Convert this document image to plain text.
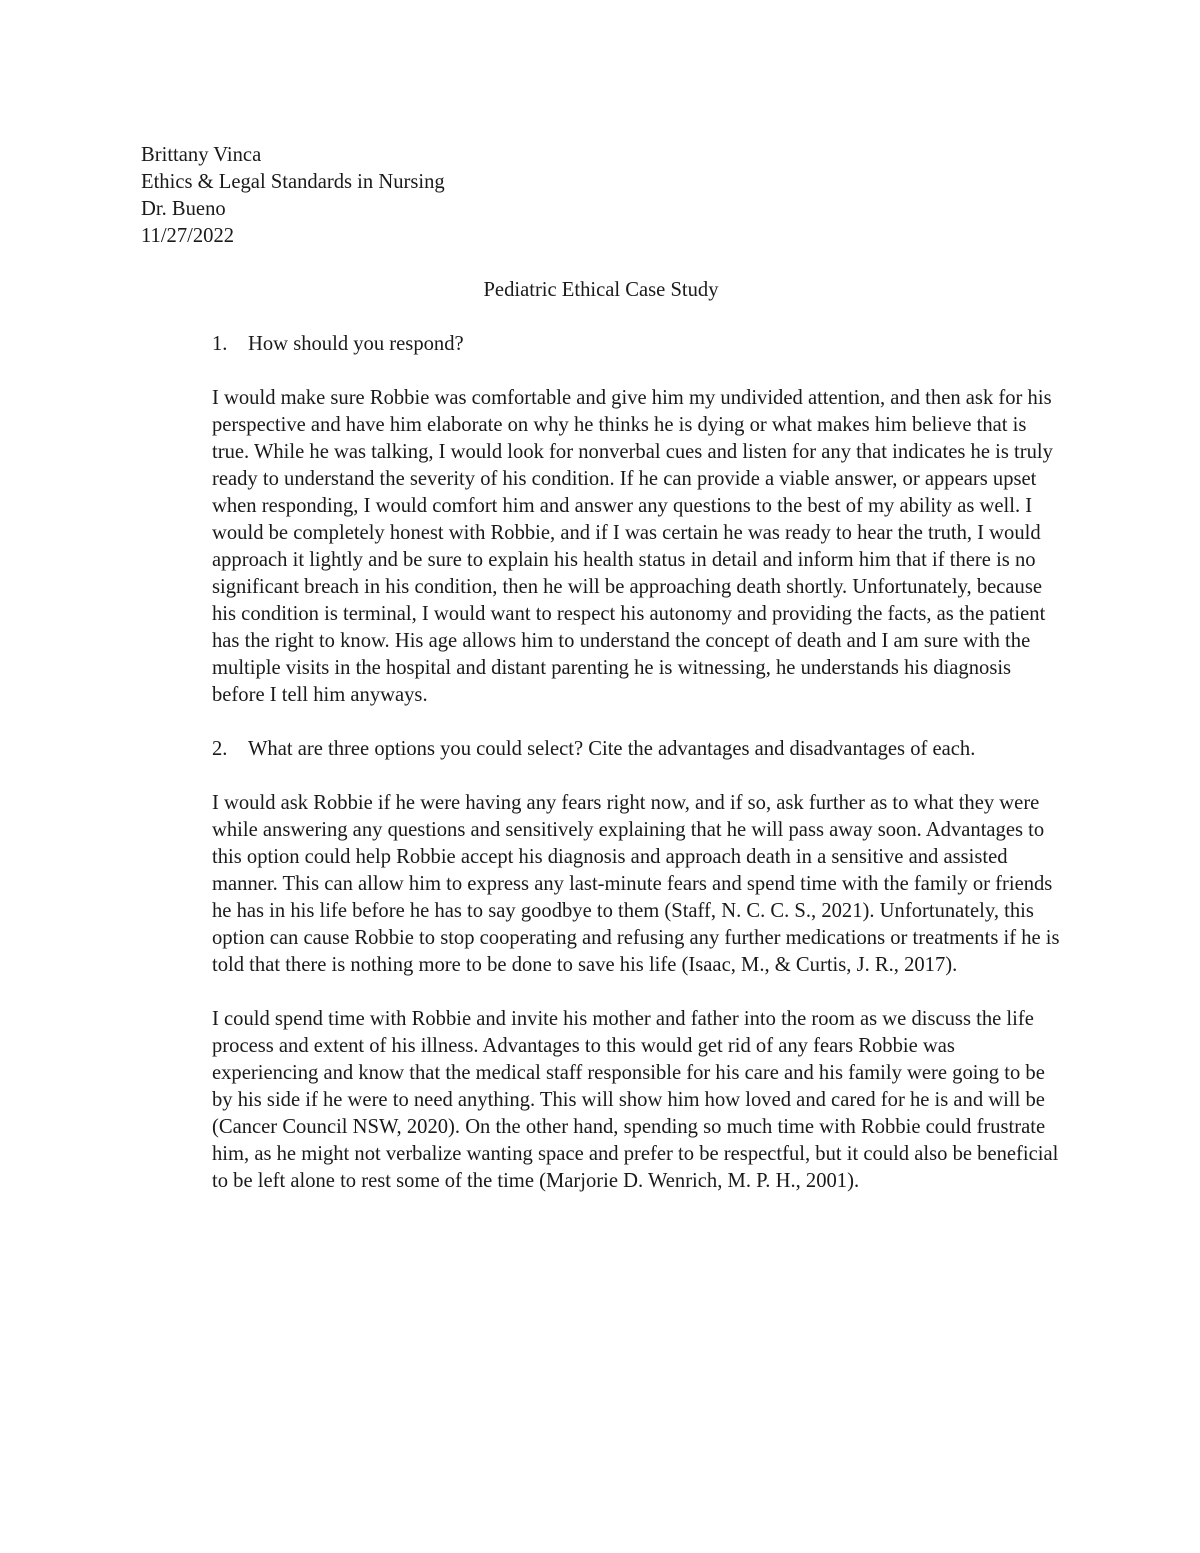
Brittany Vinca
Ethics & Legal Standards in Nursing
Dr. Bueno
11/27/2022
Pediatric Ethical Case Study
1. How should you respond?

I would make sure Robbie was comfortable and give him my undivided attention, and then ask for his perspective and have him elaborate on why he thinks he is dying or what makes him believe that is true. While he was talking, I would look for nonverbal cues and listen for any that indicates he is truly ready to understand the severity of his condition. If he can provide a viable answer, or appears upset when responding, I would comfort him and answer any questions to the best of my ability as well. I would be completely honest with Robbie, and if I was certain he was ready to hear the truth, I would approach it lightly and be sure to explain his health status in detail and inform him that if there is no significant breach in his condition, then he will be approaching death shortly. Unfortunately, because his condition is terminal, I would want to respect his autonomy and providing the facts, as the patient has the right to know. His age allows him to understand the concept of death and I am sure with the multiple visits in the hospital and distant parenting he is witnessing, he understands his diagnosis before I tell him anyways.

2. What are three options you could select? Cite the advantages and disadvantages of each.

I would ask Robbie if he were having any fears right now, and if so, ask further as to what they were while answering any questions and sensitively explaining that he will pass away soon. Advantages to this option could help Robbie accept his diagnosis and approach death in a sensitive and assisted manner. This can allow him to express any last-minute fears and spend time with the family or friends he has in his life before he has to say goodbye to them (Staff, N. C. C. S., 2021). Unfortunately, this option can cause Robbie to stop cooperating and refusing any further medications or treatments if he is told that there is nothing more to be done to save his life (Isaac, M., & Curtis, J. R., 2017).

I could spend time with Robbie and invite his mother and father into the room as we discuss the life process and extent of his illness. Advantages to this would get rid of any fears Robbie was experiencing and know that the medical staff responsible for his care and his family were going to be by his side if he were to need anything. This will show him how loved and cared for he is and will be (Cancer Council NSW, 2020). On the other hand, spending so much time with Robbie could frustrate him, as he might not verbalize wanting space and prefer to be respectful, but it could also be beneficial to be left alone to rest some of the time (Marjorie D. Wenrich, M. P. H., 2001).
